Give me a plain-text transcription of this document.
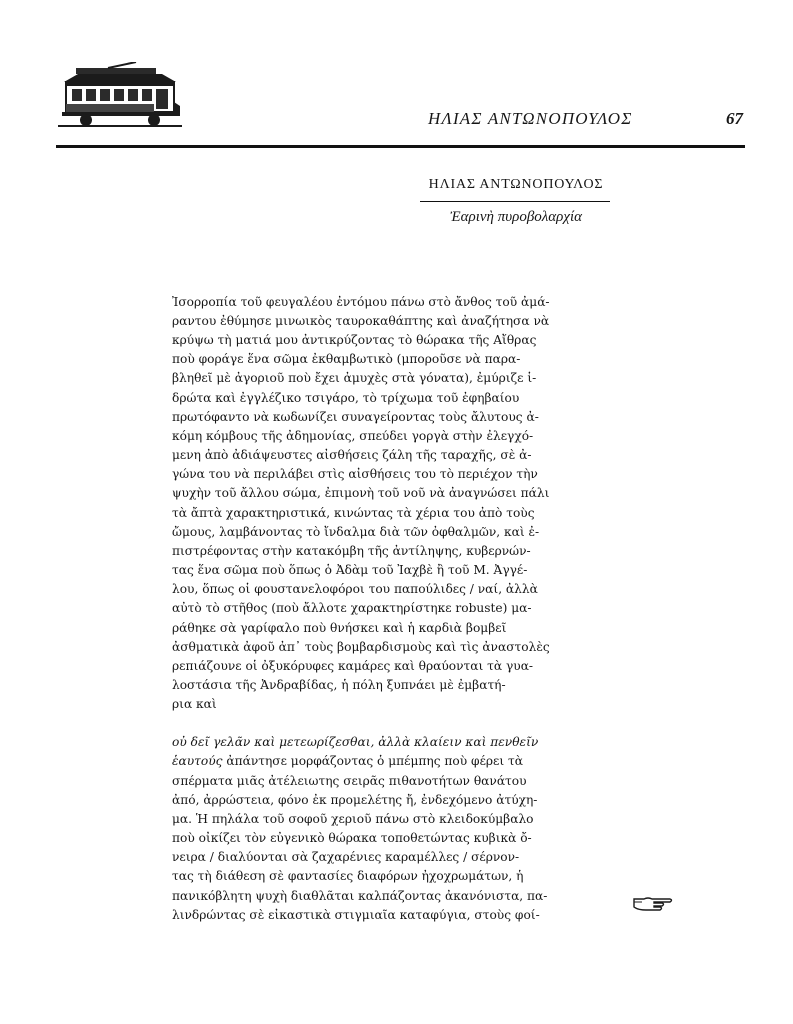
ΗΛΙΑΣ ΑΝΤΩΝΟΠΟΥΛΟΣ	67
ΗΛΙΑΣ ΑΝΤΩΝΟΠΟΥΛΟΣ
Ἐαρινὴ πυροβολαρχία
Ἰσορροπία τοῦ φευγαλέου ἐντόμου πάνω στὸ ἄνθος τοῦ ἀμά-
ραντου ἐθύμησε μινωικὸς ταυροκαθάπτης καὶ ἀναζήτησα νὰ
κρύψω τὴ ματιά μου ἀντικρύζοντας τὸ θώρακα τῆς Αἴθρας
ποὺ φοράγε ἕνα σῶμα ἐκθαμβωτικὸ (μποροῦσε νὰ παρα-
βληθεῖ μὲ ἀγοριοῦ ποὺ ἔχει ἀμυχὲς στὰ γόνατα), ἐμύριζε ἱ-
δρώτα καὶ ἐγγλέζικο τσιγάρο, τὸ τρίχωμα τοῦ ἐφηβαίου
πρωτόφαντο νὰ κωδωνίζει συναγείροντας τοὺς ἄλυτους ἀ-
κόμη κόμβους τῆς ἀδημονίας, σπεύδει γοργὰ στὴν ἐλεγχό-
μενη ἀπὸ ἀδιάψευστες αἰσθήσεις ζάλη τῆς ταραχῆς, σὲ ἀ-
γώνα του νὰ περιλάβει στὶς αἰσθήσεις του τὸ περιέχον τὴν
ψυχὴν τοῦ ἄλλου σώμα, ἐπιμονὴ τοῦ νοῦ νὰ ἀναγνώσει πάλι
τὰ ἄπτὰ χαρακτηριστικά, κινώντας τὰ χέρια του ἀπὸ τοὺς
ὤμους, λαμβάνοντας τὸ ἴνδαλμα διὰ τῶν ὀφθαλμῶν, καὶ ἐ-
πιστρέφοντας στὴν κατακόμβη τῆς ἀντίληψης, κυβερνών-
τας ἕνα σῶμα ποὺ ὅπως ὁ Ἀδὰμ τοῦ Ἰαχβὲ ἢ τοῦ Μ. Ἀγγέ-
λου, ὅπως οἱ φουστανελοφόροι του παπούλιδες / ναί, ἀλλὰ
αὐτὸ τὸ στῆθος (ποὺ ἄλλοτε χαρακτηρίστηκε robuste) μα-
ράθηκε σὰ γαρίφαλο ποὺ θνήσκει καὶ ἡ καρδιὰ βομβεῖ
ἀσθματικὰ ἀφοῦ ἀπ᾿ τοὺς βομβαρδισμοὺς καὶ τὶς ἀναστολὲς
ρεπιάζουνε οἱ ὀξυκόρυφες καμάρες καὶ θραύονται τὰ γυα-
λοστάσια τῆς Ἀνδραβίδας, ἡ πόλη ξυπνάει μὲ ἐμβατή-
ρια καὶ
οὐ δεῖ γελᾶν καὶ μετεωρίζεσθαι, ἀλλὰ κλαίειν καὶ πενθεῖν
ἑαυτούς ἀπάντησε μορφάζοντας ὁ μπέμπης ποὺ φέρει τὰ
σπέρματα μιᾶς ἀτέλειωτης σειρᾶς πιθανοτήτων θανάτου
ἀπό, ἀρρώστεια, φόνο ἐκ προμελέτης ἤ, ἐνδεχόμενο ἀτύχη-
μα. Ἡ πηλάλα τοῦ σοφοῦ χεριοῦ πάνω στὸ κλειδοκύμβαλο
ποὺ οἰκίζει τὸν εὐγενικὸ θώρακα τοποθετώντας κυβικὰ ὄ-
νειρα / διαλύονται σὰ ζαχαρένιες καραμέλλες / σέρνον-
τας τὴ διάθεση σὲ φαντασίες διαφόρων ἠχοχρωμάτων, ἡ
πανικόβλητη ψυχὴ διαθλᾶται καλπάζοντας ἀκανόνιστα, πα-
λινδρώντας σὲ εἰκαστικὰ στιγμιαῖα καταφύγια, στοὺς φοί-
